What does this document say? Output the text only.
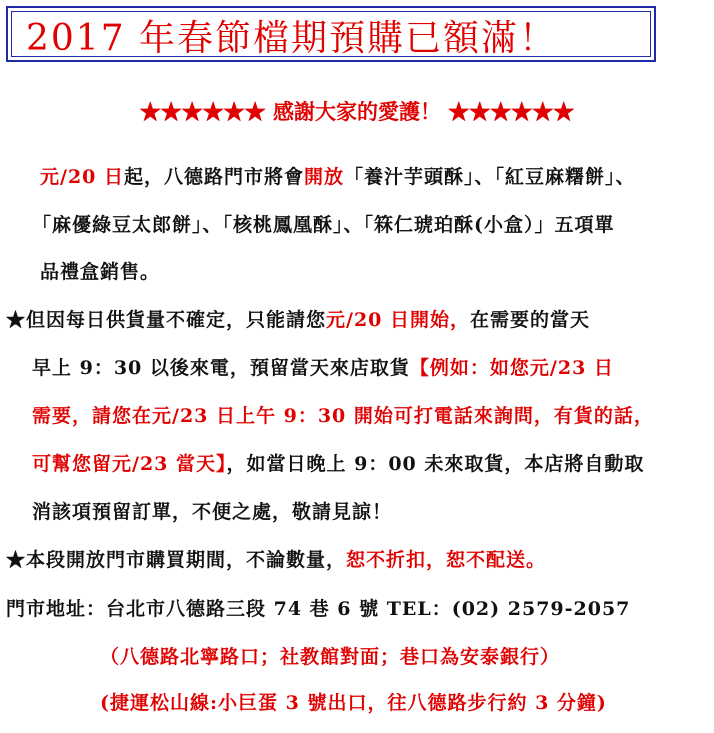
2017 年春節檔期預購已額滿！
★★★★★★ 感謝大家的愛護！ ★★★★★★
元/20 日起，八德路門市將會開放「養汁芋頭酥」、「紅豆麻糬餅」、
「麻優綠豆太郎餅」、「核桃鳳凰酥」、「箖仁琥珀酥(小盒）」五項單
品禮盒銷售。
★但因每日供貨量不確定，只能請您元/20 日開始，在需要的當天
早上 9：30 以後來電，預留當天來店取貨【例如：如您元/23 日
需要，請您在元/23 日上午 9：30 開始可打電話來詢問，有貨的話，
可幫您留元/23 當天】，如當日晚上 9：00 未來取貨，本店將自動取
消該項預留訂單，不便之處，敬請見諒！
★本段開放門市購買期間，不論數量，恕不折扣，恕不配送。
門市地址：台北市八德路三段 74 巷 6 號 TEL：(02) 2579-2057
（八德路北寧路口；社教館對面；巷口為安泰銀行）
(捷運松山線:小巨蛋 3 號出口，往八德路步行約 3 分鐘)
